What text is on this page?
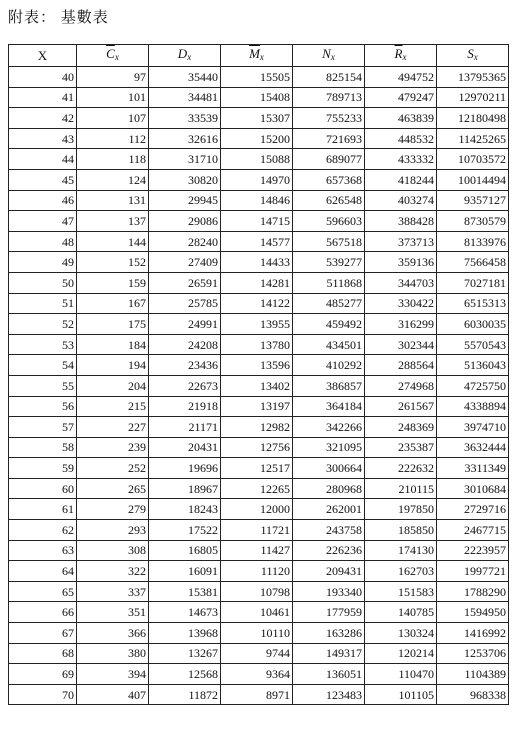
附表： 基數表
X	$\overline{C}_x$	$D_x$	$\overline{M}_x$	$N_x$	$\overline{R}_x$	$S_x$
40	97	35440	15505	825154	494752	13795365
41	101	34481	15408	789713	479247	12970211
42	107	33539	15307	755233	463839	12180498
43	112	32616	15200	721693	448532	11425265
44	118	31710	15088	689077	433332	10703572
45	124	30820	14970	657368	418244	10014494
46	131	29945	14846	626548	403274	9357127
47	137	29086	14715	596603	388428	8730579
48	144	28240	14577	567518	373713	8133976
49	152	27409	14433	539277	359136	7566458
50	159	26591	14281	511868	344703	7027181
51	167	25785	14122	485277	330422	6515313
52	175	24991	13955	459492	316299	6030035
53	184	24208	13780	434501	302344	5570543
54	194	23436	13596	410292	288564	5136043
55	204	22673	13402	386857	274968	4725750
56	215	21918	13197	364184	261567	4338894
57	227	21171	12982	342266	248369	3974710
58	239	20431	12756	321095	235387	3632444
59	252	19696	12517	300664	222632	3311349
60	265	18967	12265	280968	210115	3010684
61	279	18243	12000	262001	197850	2729716
62	293	17522	11721	243758	185850	2467715
63	308	16805	11427	226236	174130	2223957
64	322	16091	11120	209431	162703	1997721
65	337	15381	10798	193340	151583	1788290
66	351	14673	10461	177959	140785	1594950
67	366	13968	10110	163286	130324	1416992
68	380	13267	9744	149317	120214	1253706
69	394	12568	9364	136051	110470	1104389
70	407	11872	8971	123483	101105	968338
